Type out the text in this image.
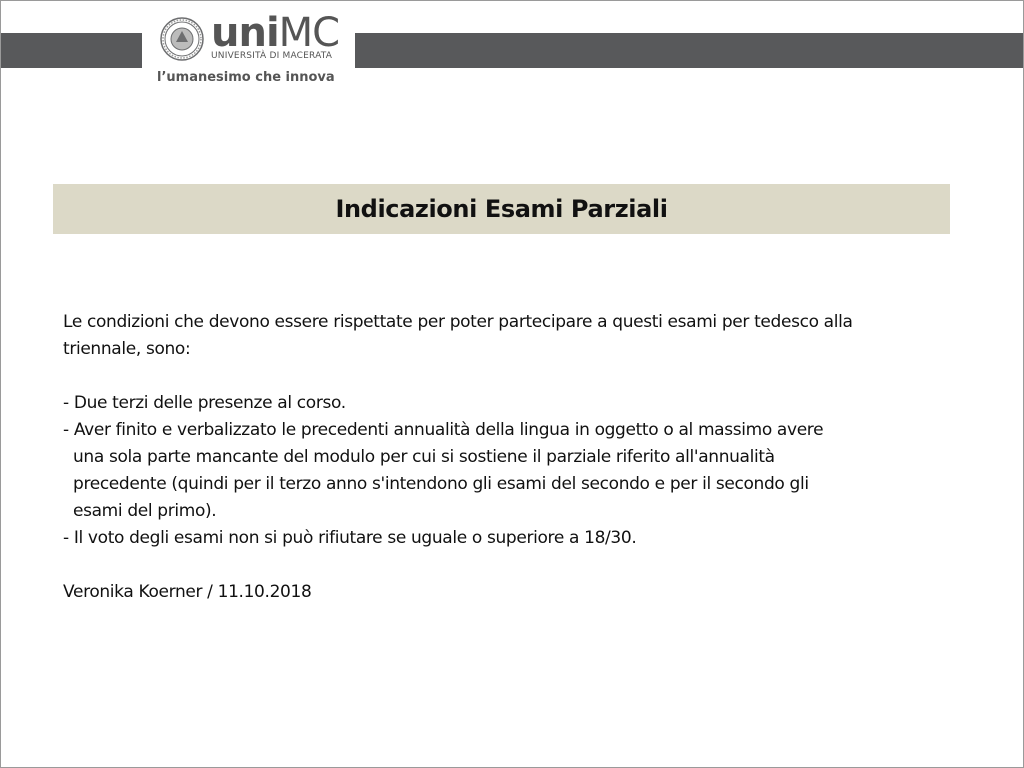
uniMC
UNIVERSITÀ DI MACERATA
l’umanesimo che innova
Indicazioni Esami Parziali

Le condizioni che devono essere rispettate per poter partecipare a questi esami per tedesco alla

triennale, sono:

- Due terzi delle presenze al corso.

- Aver finito e verbalizzato le precedenti annualità della lingua in oggetto o al massimo avere

una sola parte mancante del modulo per cui si sostiene il parziale riferito all'annualità

precedente (quindi per il terzo anno s'intendono gli esami del secondo e per il secondo gli

esami del primo).

- Il voto degli esami non si può rifiutare se uguale o superiore a 18/30.

Veronika Koerner / 11.10.2018
